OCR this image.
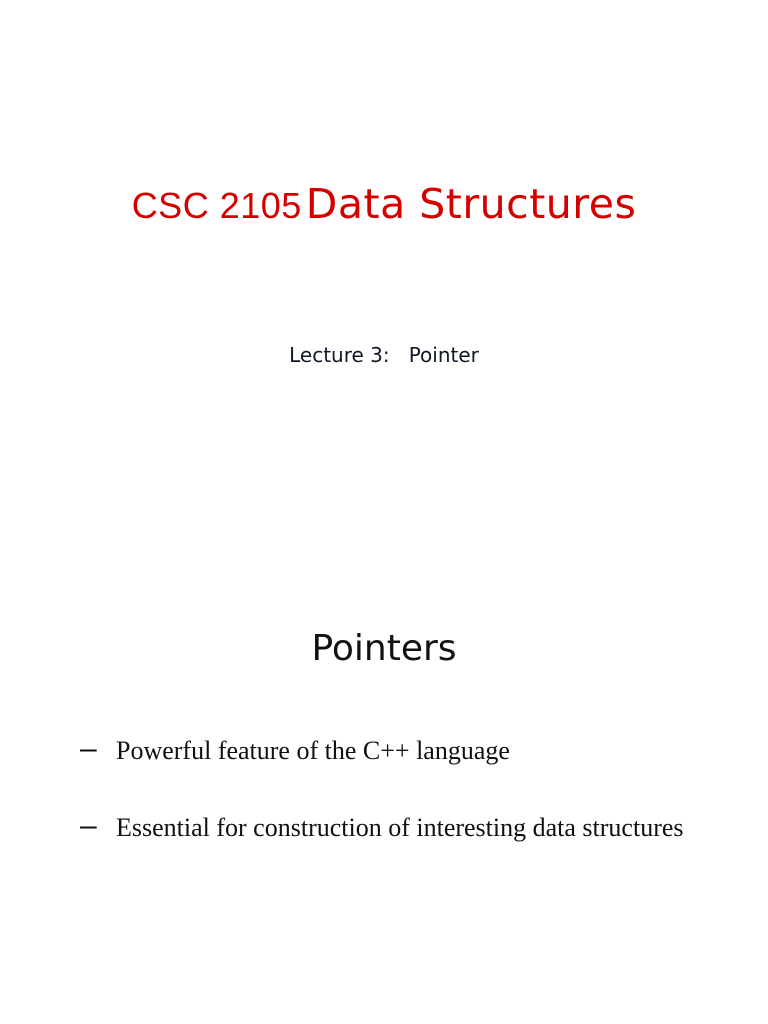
CSC 2105 Data Structures
Lecture 3:   Pointer
Pointers
– Powerful feature of the C++ language
– Essential for construction of interesting data structures
